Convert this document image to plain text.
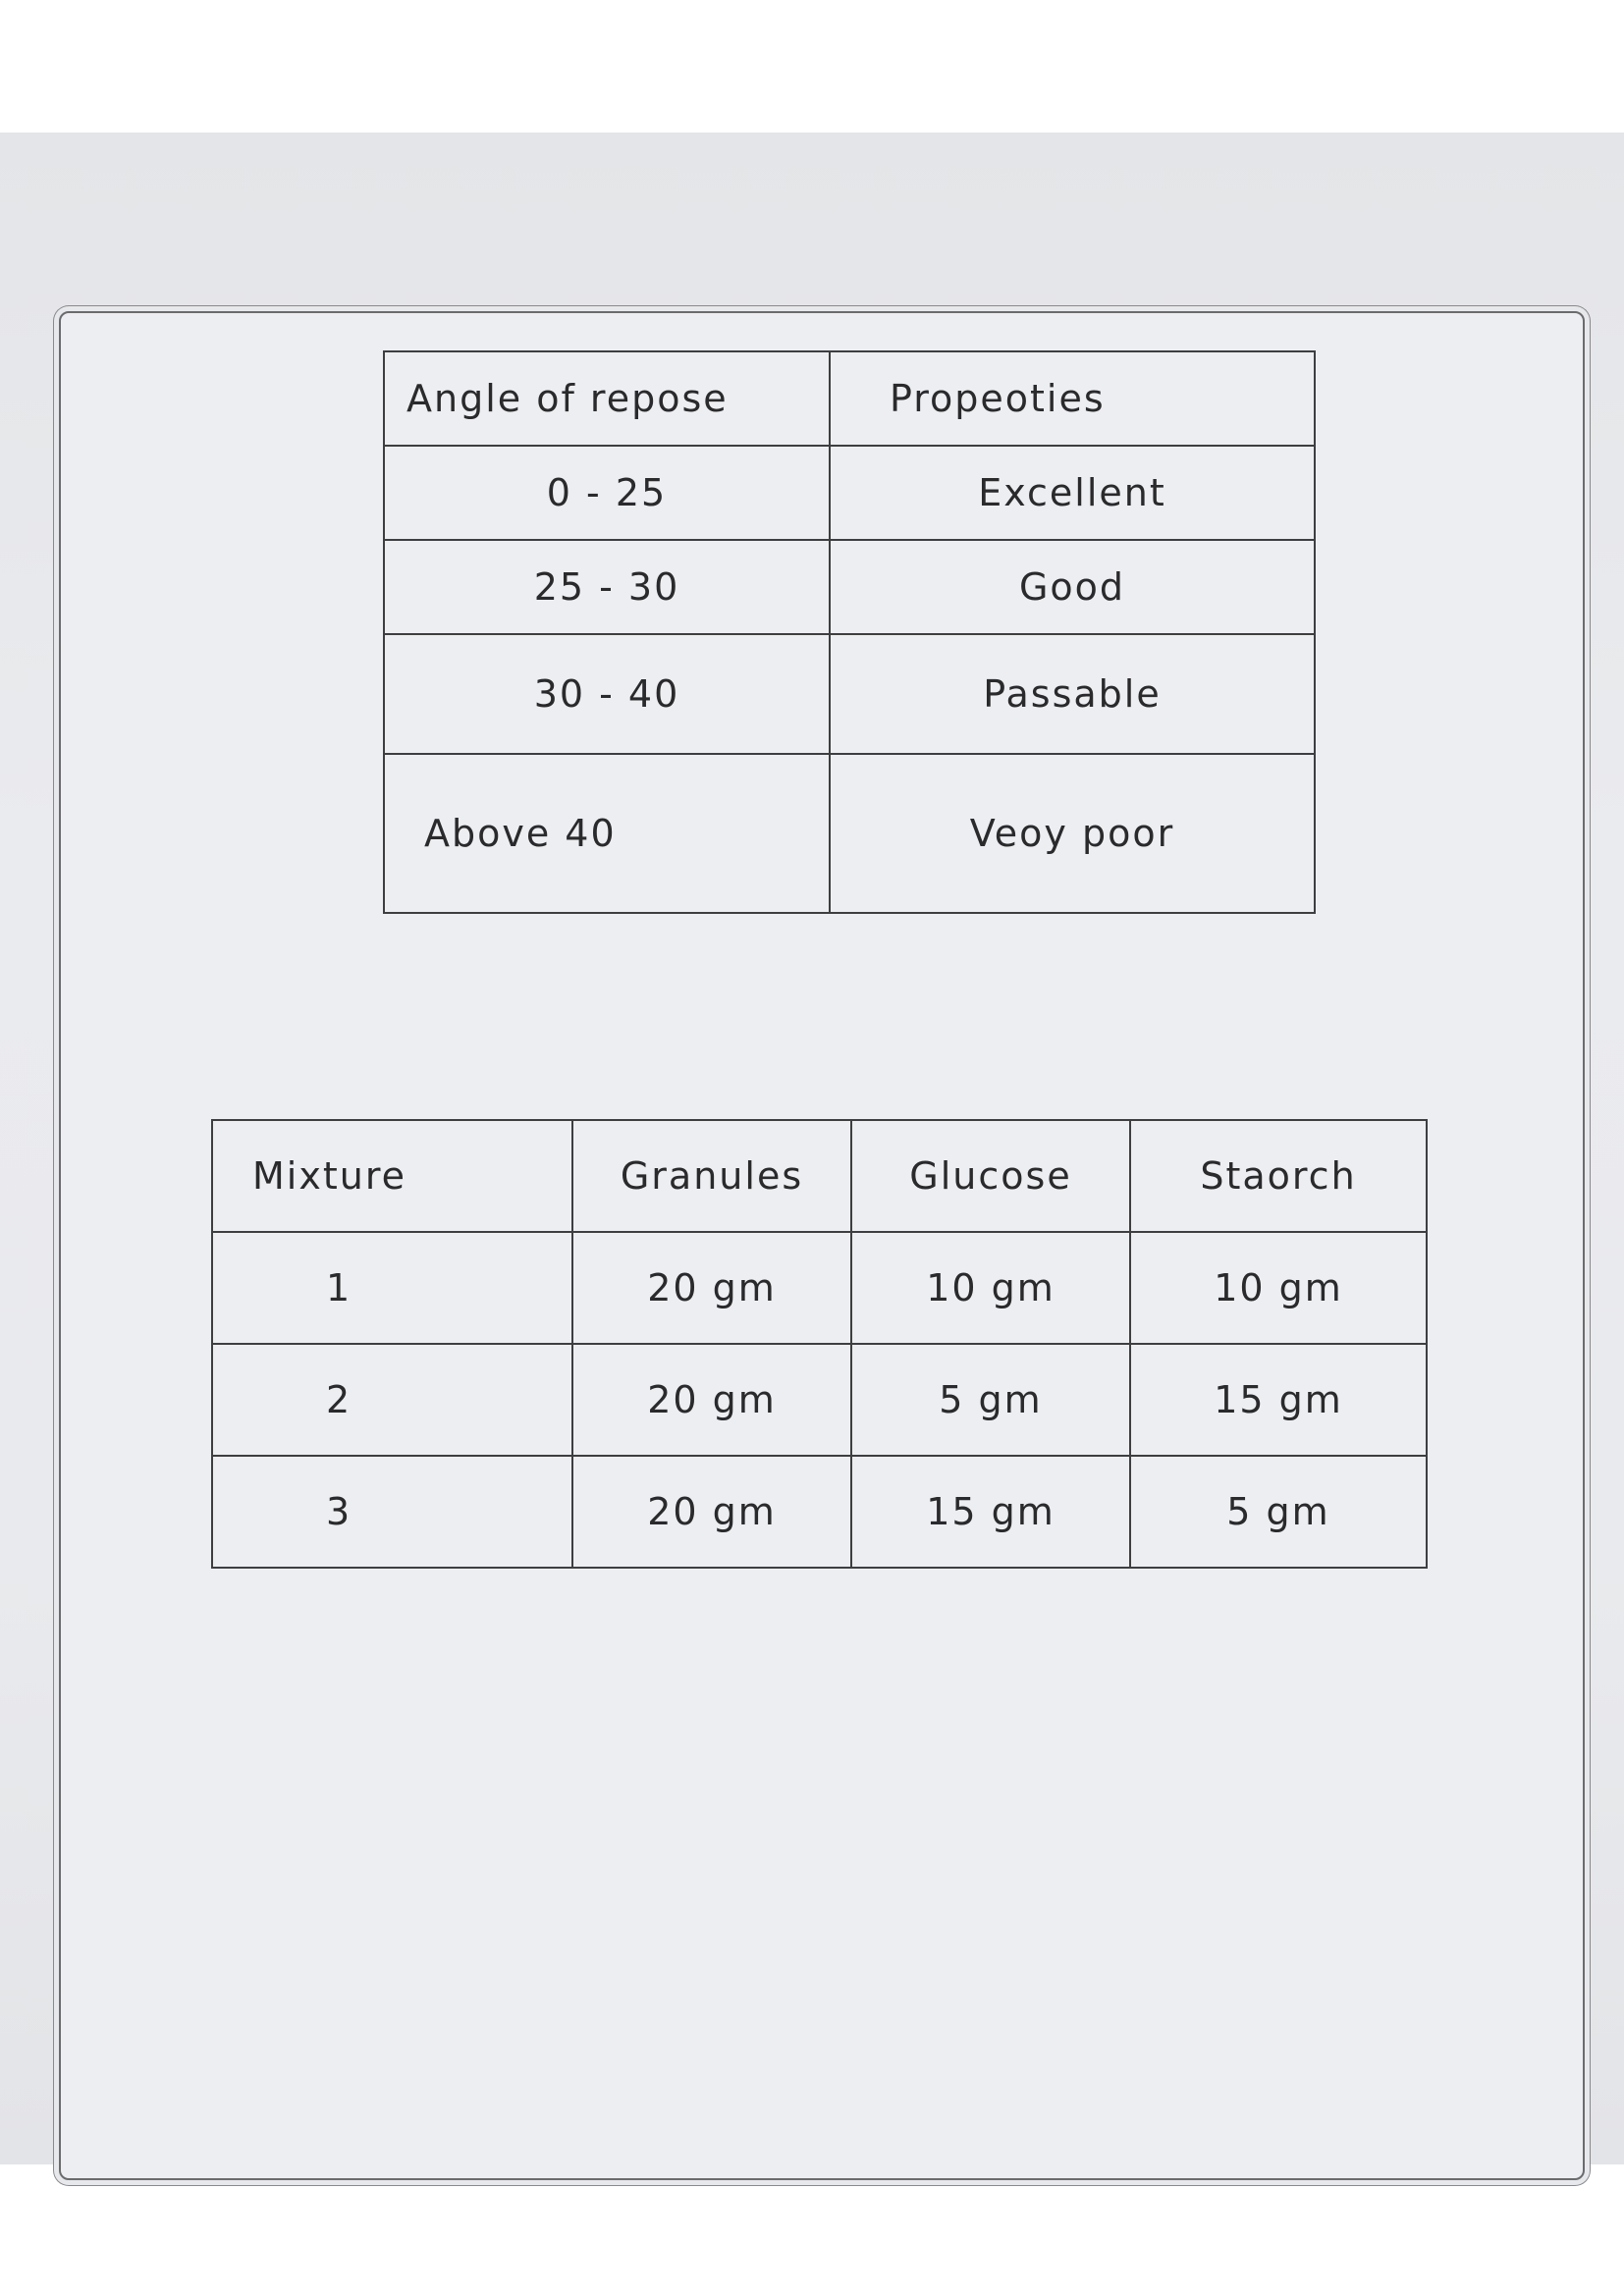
Angle of repose	Propeoties
0 - 25	Excellent
25 - 30	Good
30 - 40	Passable
Above 40	Veoy poor
Mixture	Granules	Glucose	Staorch
1	20 gm	10 gm	10 gm
2	20 gm	5 gm	15 gm
3	20 gm	15 gm	5 gm
